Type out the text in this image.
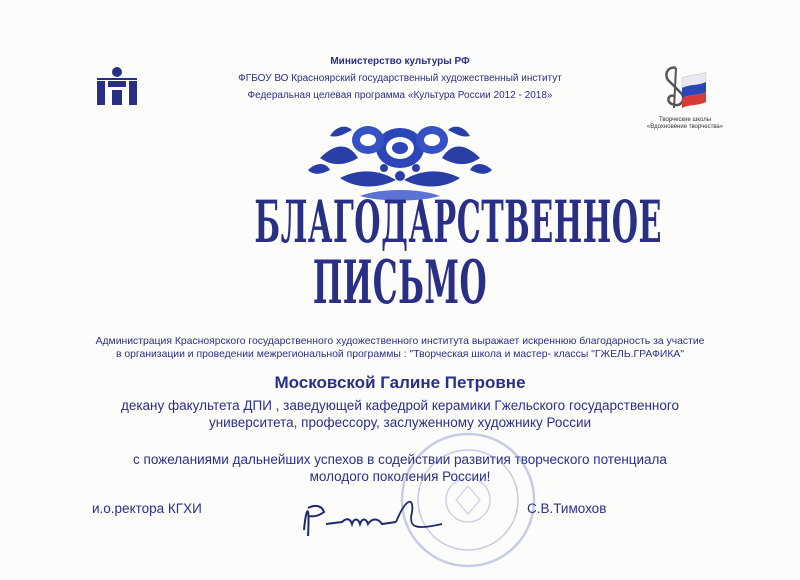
Министерство культуры РФ
ФГБОУ ВО Красноярский государственный художественный институт
Федеральная целевая программа «Культура России 2012 - 2018»
Творческие школы
«Вдохновение творчества»
БЛАГОДАРСТВЕННОЕ
ПИСЬМО
Администрация Красноярского государственного художественного института выражает искреннюю благодарность за участие
в организации и проведении межрегиональной программы : "Творческая школа и мастер- классы "ГЖЕЛЬ.ГРАФИКА"
Московской Галине Петровне
декану факультета ДПИ , заведующей кафедрой керамики Гжельского государственного
университета, профессору, заслуженному художнику России
с пожеланиями дальнейших успехов в содействии развития творческого потенциала
молодого поколения России!
и.о.ректора КГХИ	С.В.Тимохов
